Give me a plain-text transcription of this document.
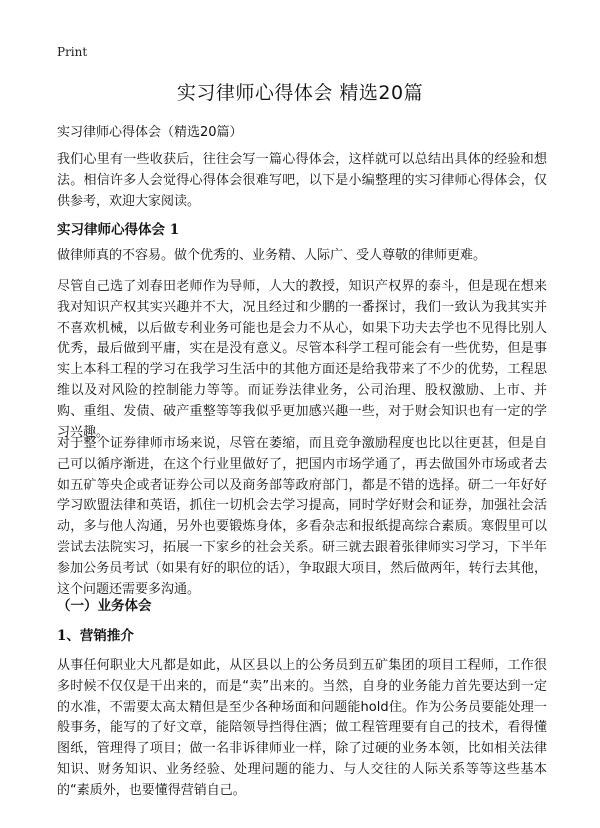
Print
实习律师心得体会 精选20篇
实习律师心得体会（精选20篇）

我们心里有一些收获后，往往会写一篇心得体会，这样就可以总结出具体的经验和想法。相信许多人会觉得心得体会很难写吧，以下是小编整理的实习律师心得体会，仅供参考，欢迎大家阅读。

实习律师心得体会 1

做律师真的不容易。做个优秀的、业务精、人际广、受人尊敬的律师更难。

尽管自己选了刘春田老师作为导师，人大的教授，知识产权界的泰斗，但是现在想来我对知识产权其实兴趣并不大，况且经过和少鹏的一番探讨，我们一致认为我其实并不喜欢机械，以后做专利业务可能也是会力不从心，如果下功夫去学也不见得比别人优秀，最后做到平庸，实在是没有意义。尽管本科学工程可能会有一些优势，但是事实上本科工程的学习在我学习生活中的其他方面还是给我带来了不少的优势，工程思维以及对风险的控制能力等等。而证券法律业务，公司治理、股权激励、上市、并购、重组、发债、破产重整等等我似乎更加感兴趣一些，对于财会知识也有一定的学习兴趣。

对于整个证券律师市场来说，尽管在萎缩，而且竞争激励程度也比以往更甚，但是自己可以循序渐进，在这个行业里做好了，把国内市场学通了，再去做国外市场或者去如五矿等央企或者证券公司以及商务部等政府部门，都是不错的选择。研二一年好好学习欧盟法律和英语，抓住一切机会去学习提高，同时学好财会和证券，加强社会活动，多与他人沟通，另外也要锻炼身体，多看杂志和报纸提高综合素质。寒假里可以尝试去法院实习，拓展一下家乡的社会关系。研三就去跟着张律师实习学习，下半年参加公务员考试（如果有好的职位的话），争取跟大项目，然后做两年，转行去其他，这个问题还需要多沟通。

（一）业务体会
1、营销推介

从事任何职业大凡都是如此，从区县以上的公务员到五矿集团的项目工程师，工作很多时候不仅仅是干出来的，而是“卖”出来的。当然，自身的业务能力首先要达到一定的水准，不需要太高太精但是至少各种场面和问题能hold住。作为公务员要能处理一般事务，能写的了好文章，能陪领导挡得住酒；做工程管理要有自己的技术，看得懂图纸，管理得了项目；做一名非诉律师业一样，除了过硬的业务本领，比如相关法律知识、财务知识、业务经验、处理问题的能力、与人交往的人际关系等等这些基本的“素质外，也要懂得营销自己。
